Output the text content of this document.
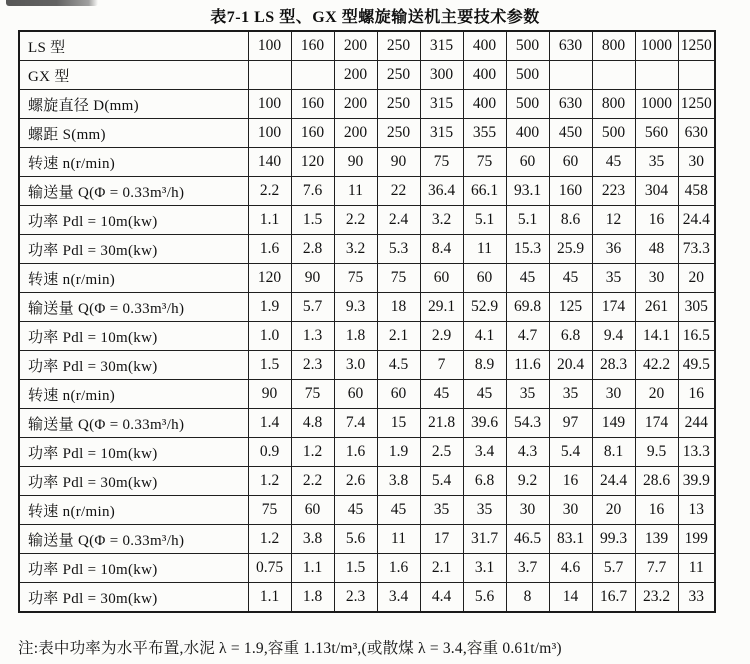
表7-1 LS 型、GX 型螺旋输送机主要技术参数
LS 型	100	160	200	250	315	400	500	630	800	1000	1250
GX 型			200	250	300	400	500				
螺旋直径 D(mm)	100	160	200	250	315	400	500	630	800	1000	1250
螺距 S(mm)	100	160	200	250	315	355	400	450	500	560	630
转速 n(r/min)	140	120	90	90	75	75	60	60	45	35	30
输送量 Q(Φ = 0.33m³/h)	2.2	7.6	11	22	36.4	66.1	93.1	160	223	304	458
功率 Pdl = 10m(kw)	1.1	1.5	2.2	2.4	3.2	5.1	5.1	8.6	12	16	24.4
功率 Pdl = 30m(kw)	1.6	2.8	3.2	5.3	8.4	11	15.3	25.9	36	48	73.3
转速 n(r/min)	120	90	75	75	60	60	45	45	35	30	20
输送量 Q(Φ = 0.33m³/h)	1.9	5.7	9.3	18	29.1	52.9	69.8	125	174	261	305
功率 Pdl = 10m(kw)	1.0	1.3	1.8	2.1	2.9	4.1	4.7	6.8	9.4	14.1	16.5
功率 Pdl = 30m(kw)	1.5	2.3	3.0	4.5	7	8.9	11.6	20.4	28.3	42.2	49.5
转速 n(r/min)	90	75	60	60	45	45	35	35	30	20	16
输送量 Q(Φ = 0.33m³/h)	1.4	4.8	7.4	15	21.8	39.6	54.3	97	149	174	244
功率 Pdl = 10m(kw)	0.9	1.2	1.6	1.9	2.5	3.4	4.3	5.4	8.1	9.5	13.3
功率 Pdl = 30m(kw)	1.2	2.2	2.6	3.8	5.4	6.8	9.2	16	24.4	28.6	39.9
转速 n(r/min)	75	60	45	45	35	35	30	30	20	16	13
输送量 Q(Φ = 0.33m³/h)	1.2	3.8	5.6	11	17	31.7	46.5	83.1	99.3	139	199
功率 Pdl = 10m(kw)	0.75	1.1	1.5	1.6	2.1	3.1	3.7	4.6	5.7	7.7	11
功率 Pdl = 30m(kw)	1.1	1.8	2.3	3.4	4.4	5.6	8	14	16.7	23.2	33
注:表中功率为水平布置,水泥 λ = 1.9,容重 1.13t/m³,(或散煤 λ = 3.4,容重 0.61t/m³)
